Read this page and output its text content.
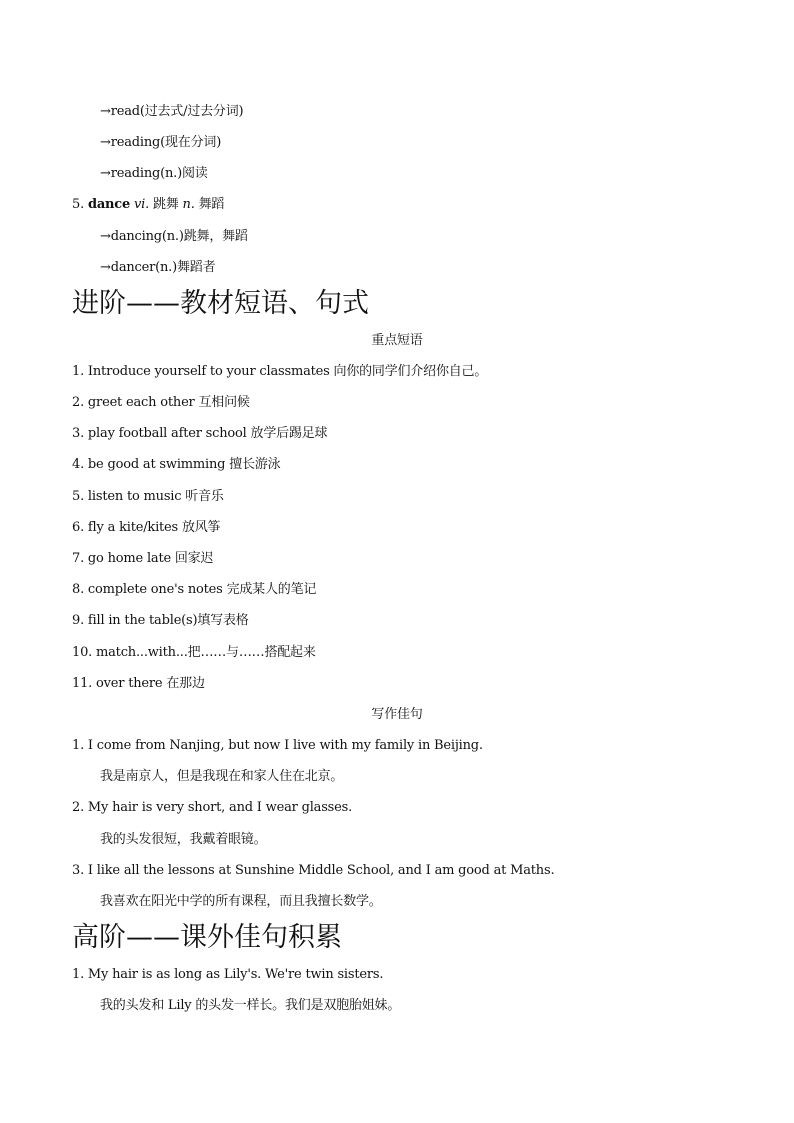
→read(过去式/过去分词)
→reading(现在分词)
→reading(n.)阅读
5. dance vi. 跳舞 n. 舞蹈
→dancing(n.)跳舞，舞蹈
→dancer(n.)舞蹈者
进阶——教材短语、句式
重点短语
1. Introduce yourself to your classmates 向你的同学们介绍你自己。
2. greet each other 互相问候
3. play football after school 放学后踢足球
4. be good at swimming 擅长游泳
5. listen to music 听音乐
6. fly a kite/kites 放风筝
7. go home late 回家迟
8. complete one's notes 完成某人的笔记
9. fill in the table(s)填写表格
10. match...with...把……与……搭配起来
11. over there 在那边
写作佳句
1. I come from Nanjing, but now I live with my family in Beijing.
我是南京人，但是我现在和家人住在北京。
2. My hair is very short, and I wear glasses.
我的头发很短，我戴着眼镜。
3. I like all the lessons at Sunshine Middle School, and I am good at Maths.
我喜欢在阳光中学的所有课程，而且我擅长数学。
高阶——课外佳句积累
1. My hair is as long as Lily's. We're twin sisters.
我的头发和 Lily 的头发一样长。我们是双胞胎姐妹。
